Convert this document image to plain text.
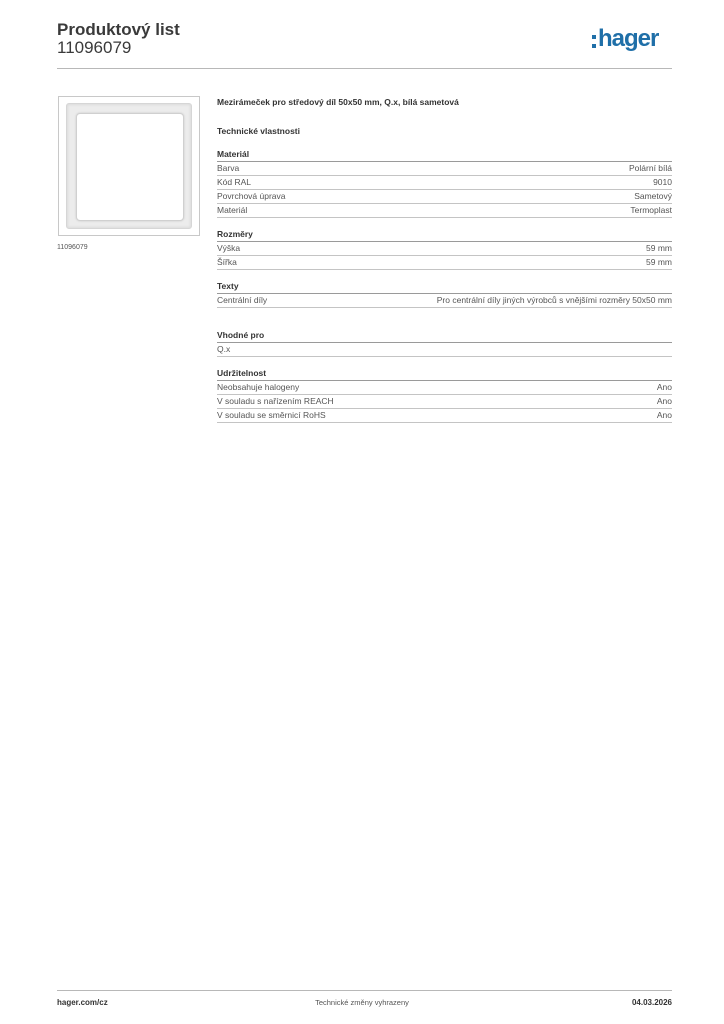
Produktový list
11096079	hager
11096079
Mezirámeček pro středový díl 50x50 mm, Q.x, bílá sametová
Technické vlastnosti
Materiál
Barva	Polární bílá
Kód RAL	9010
Povrchová úprava	Sametový
Materiál	Termoplast
Rozměry
Výška	59 mm
Šířka	59 mm
Texty
Centrální díly	Pro centrální díly jiných výrobců s vnějšími rozměry 50x50 mm
Vhodné pro
Q.x
Udržitelnost
Neobsahuje halogeny	Ano
V souladu s nařízením REACH	Ano
V souladu se směrnicí RoHS	Ano
hager.com/cz	Technické změny vyhrazeny	04.03.2026
